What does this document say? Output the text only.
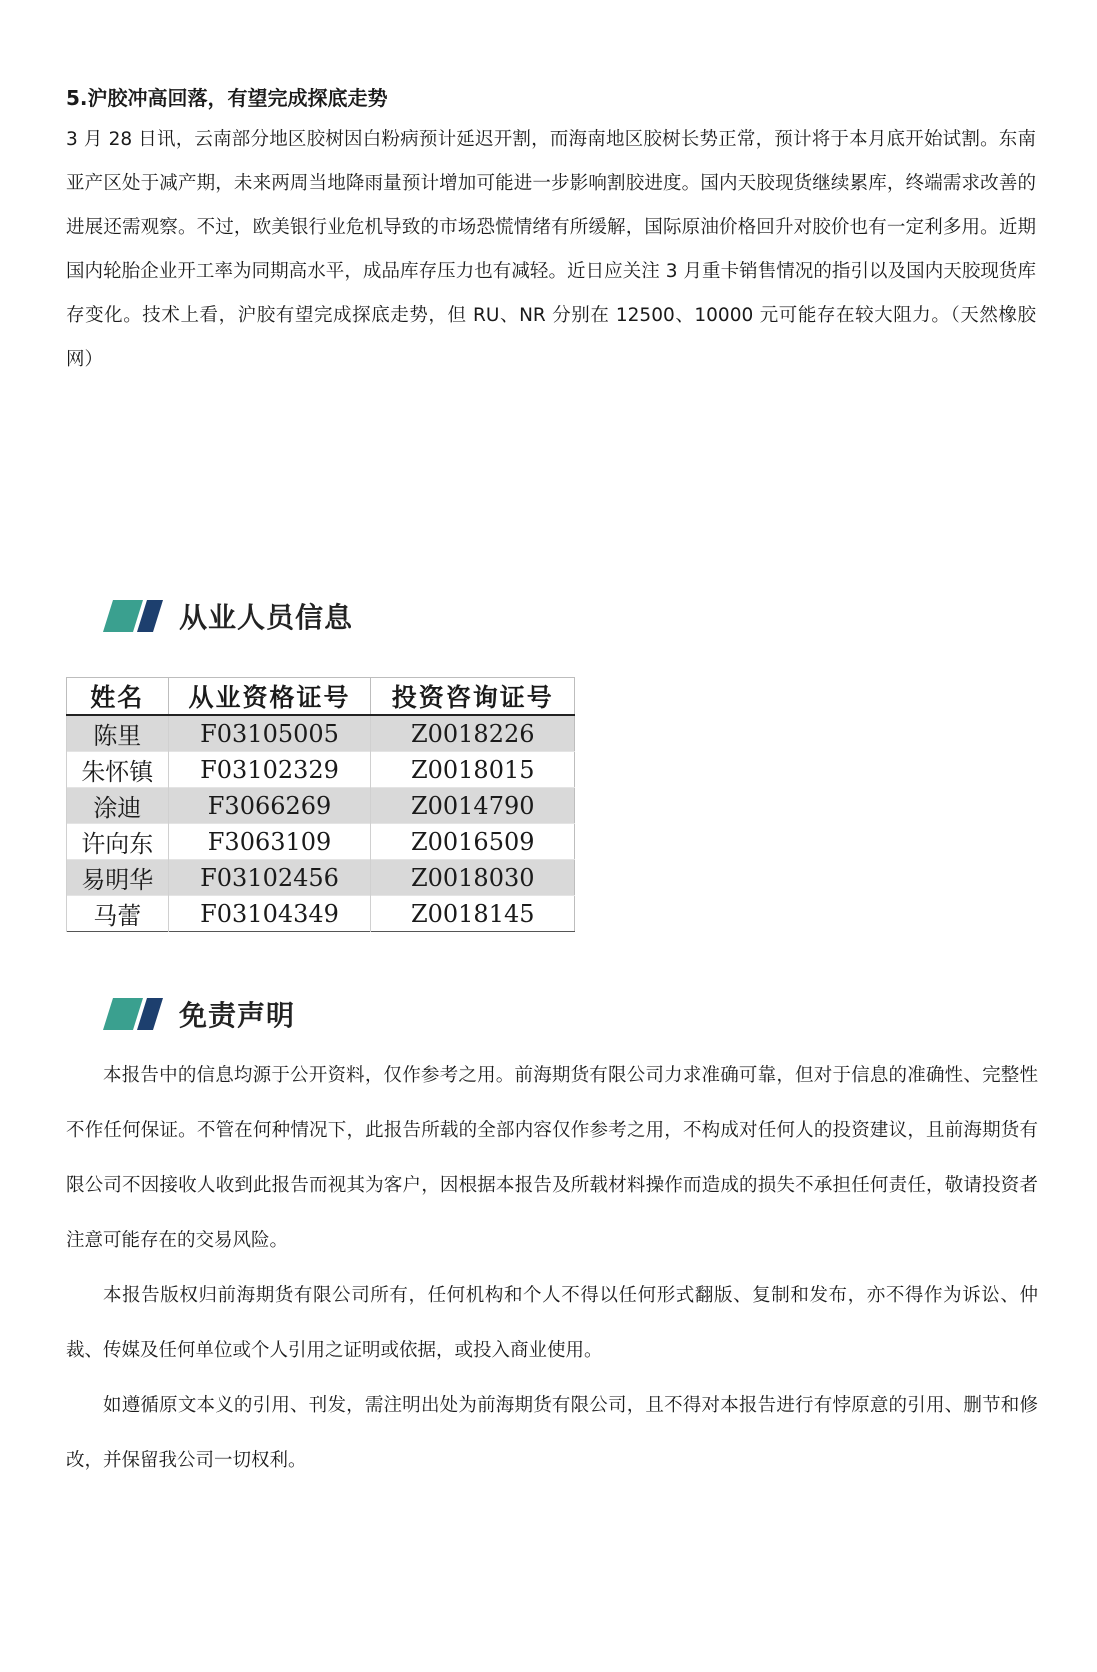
5.沪胶冲高回落，有望完成探底走势

3 月 28 日讯，云南部分地区胶树因白粉病预计延迟开割，而海南地区胶树长势正常，预计将于本月底开始试割。东南亚产区处于减产期，未来两周当地降雨量预计增加可能进一步影响割胶进度。国内天胶现货继续累库，终端需求改善的进展还需观察。不过，欧美银行业危机导致的市场恐慌情绪有所缓解，国际原油价格回升对胶价也有一定利多用。近期国内轮胎企业开工率为同期高水平，成品库存压力也有减轻。近日应关注 3 月重卡销售情况的指引以及国内天胶现货库存变化。技术上看，沪胶有望完成探底走势，但 RU、NR 分别在 12500、10000 元可能存在较大阻力。（天然橡胶网）

从业人员信息
姓名	从业资格证号	投资咨询证号
陈里	F03105005	Z0018226
朱怀镇	F03102329	Z0018015
涂迪	F3066269	Z0014790
许向东	F3063109	Z0016509
易明华	F03102456	Z0018030
马蕾	F03104349	Z0018145
免责声明

本报告中的信息均源于公开资料，仅作参考之用。前海期货有限公司力求准确可靠，但对于信息的准确性、完整性不作任何保证。不管在何种情况下，此报告所载的全部内容仅作参考之用，不构成对任何人的投资建议，且前海期货有限公司不因接收人收到此报告而视其为客户，因根据本报告及所载材料操作而造成的损失不承担任何责任，敬请投资者注意可能存在的交易风险。

本报告版权归前海期货有限公司所有，任何机构和个人不得以任何形式翻版、复制和发布，亦不得作为诉讼、仲裁、传媒及任何单位或个人引用之证明或依据，或投入商业使用。

如遵循原文本义的引用、刊发，需注明出处为前海期货有限公司，且不得对本报告进行有悖原意的引用、删节和修改，并保留我公司一切权利。
